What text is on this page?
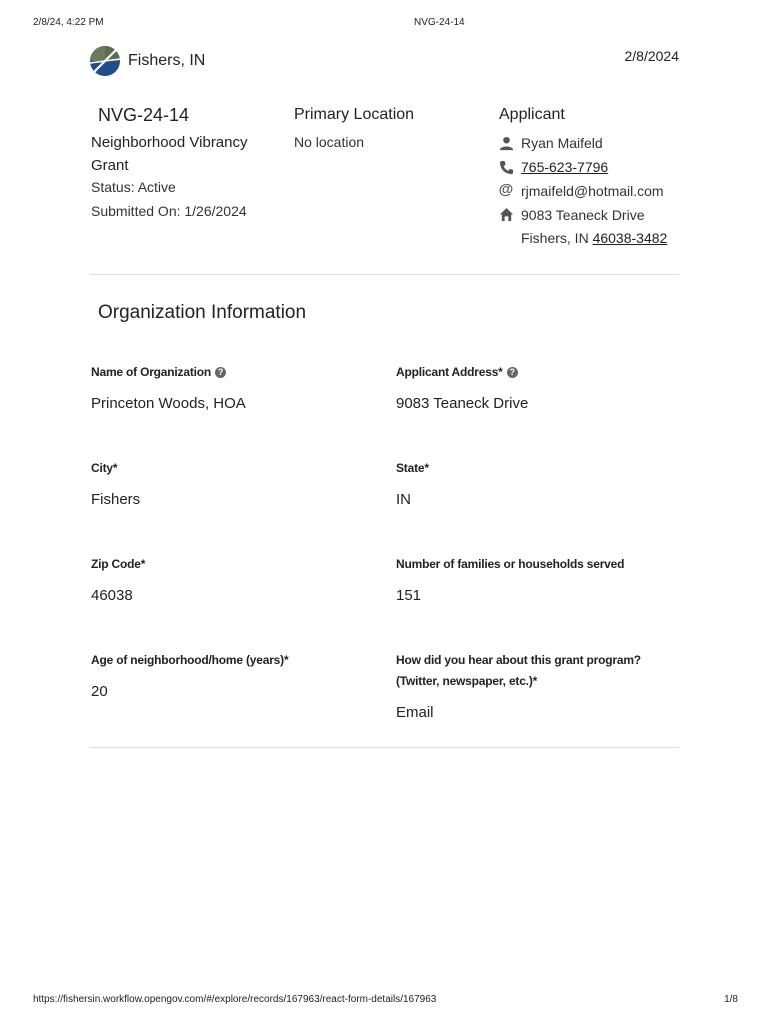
2/8/24, 4:22 PM	NVG-24-14
Fishers, IN	2/8/2024
NVG-24-14
Neighborhood Vibrancy
Grant
Status: Active
Submitted On: 1/26/2024
Primary Location
No location
Applicant
Ryan Maifeld
765-623-7796
@ rjmaifeld@hotmail.com
9083 Teaneck Drive
Fishers, IN 46038-3482
Organization Information
Name of Organization ?
Princeton Woods, HOA
Applicant Address* ?
9083 Teaneck Drive
City*
Fishers
State*
IN
Zip Code*
46038
Number of families or households served
151
Age of neighborhood/home (years)*
20
How did you hear about this grant program?
(Twitter, newspaper, etc.)*
Email
https://fishersin.workflow.opengov.com/#/explore/records/167963/react-form-details/167963	1/8
